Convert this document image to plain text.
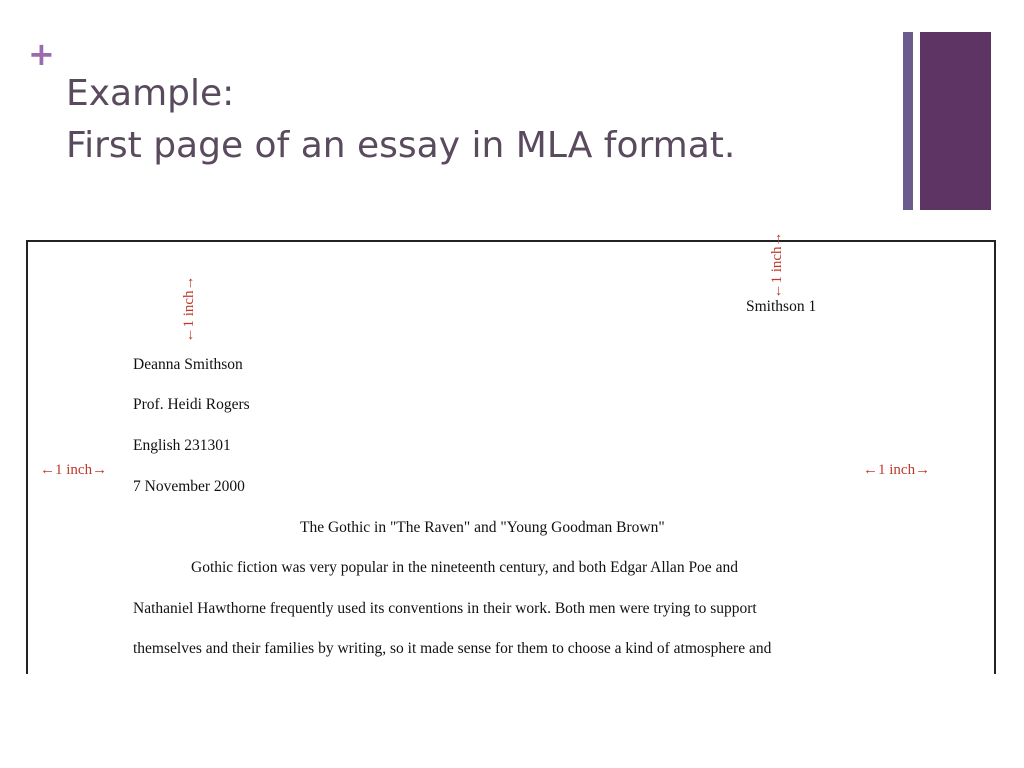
+
Example:
First page of an essay in MLA format.
←1 inch→
←1 inch→
Smithson 1
Deanna Smithson
Prof. Heidi Rogers
English 231301
←1 inch→	←1 inch→
7 November 2000
The Gothic in "The Raven" and "Young Goodman Brown"
Gothic fiction was very popular in the nineteenth century, and both Edgar Allan Poe and
Nathaniel Hawthorne frequently used its conventions in their work. Both men were trying to support
themselves and their families by writing, so it made sense for them to choose a kind of atmosphere and
